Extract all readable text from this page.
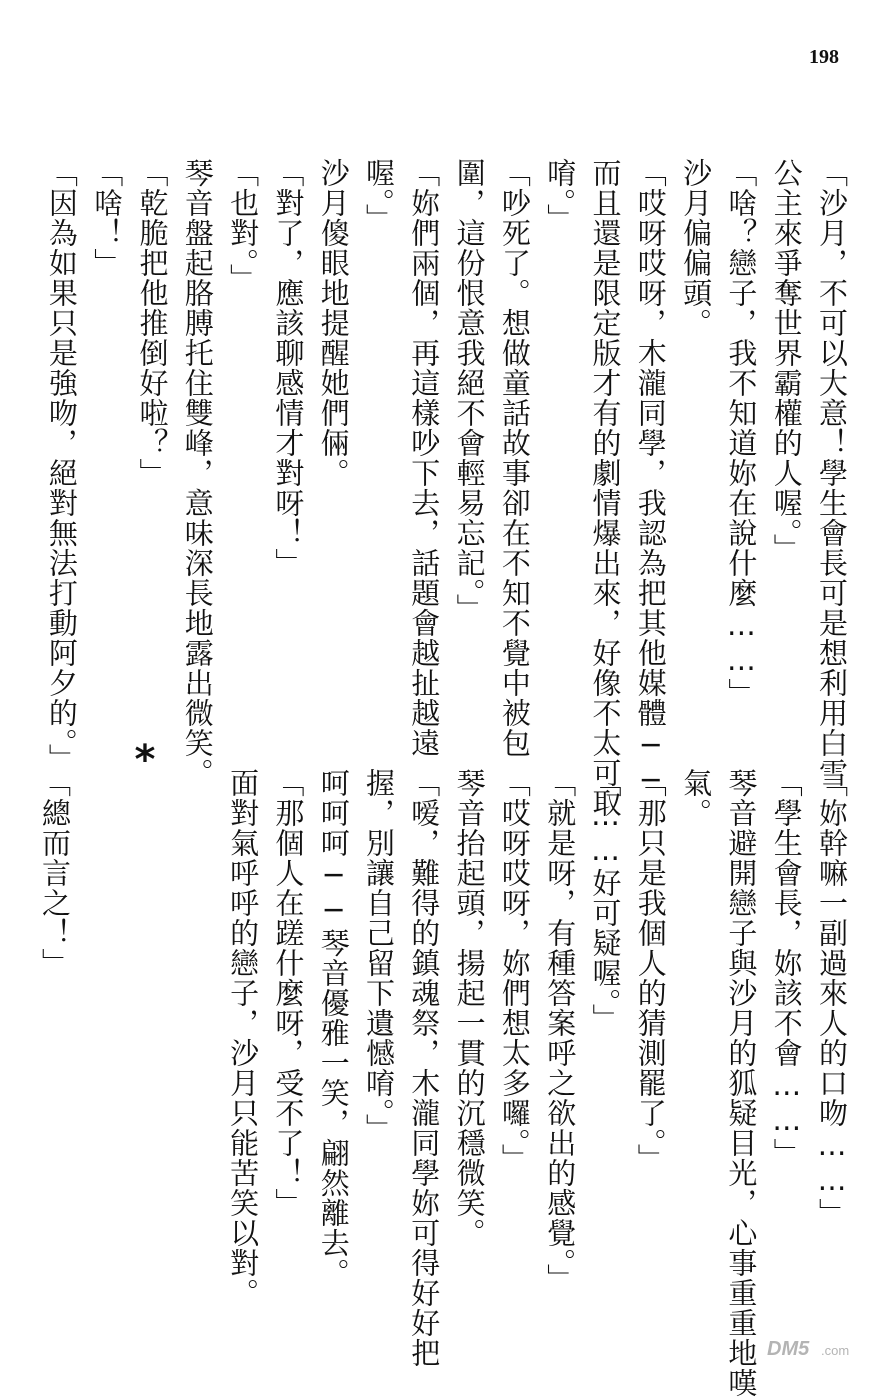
198
「沙月，不可以大意！學生會長可是想利用白雪
公主來爭奪世界霸權的人喔。」
「啥？戀子，我不知道妳在說什麼……」
沙月偏偏頭。
「哎呀哎呀，木瀧同學，我認為把其他媒體──
而且還是限定版才有的劇情爆出來，好像不太可取
唷。」
「吵死了。想做童話故事卻在不知不覺中被包
圍，這份恨意我絕不會輕易忘記。」
「妳們兩個，再這樣吵下去，話題會越扯越遠
喔。」
沙月傻眼地提醒她們倆。
「對了，應該聊感情才對呀！」
「也對。」
琴音盤起胳膊托住雙峰，意味深長地露出微笑。
「乾脆把他推倒好啦？」
「啥！」
「因為如果只是強吻，絕對無法打動阿夕的。」
「妳幹嘛一副過來人的口吻……」
「學生會長，妳該不會……」
琴音避開戀子與沙月的狐疑目光，心事重重地嘆
氣。
「那只是我個人的猜測罷了。」
「……好可疑喔。」
「就是呀，有種答案呼之欲出的感覺。」
「哎呀哎呀，妳們想太多囉。」
琴音抬起頭，揚起一貫的沉穩微笑。
「嗳，難得的鎮魂祭，木瀧同學妳可得好好把
握，別讓自己留下遺憾唷。」
呵呵呵──琴音優雅一笑，翩然離去。
「那個人在蹉什麼呀，受不了！」
面對氣呼呼的戀子，沙月只能苦笑以對。
*
「總而言之！」
DM5 .com
